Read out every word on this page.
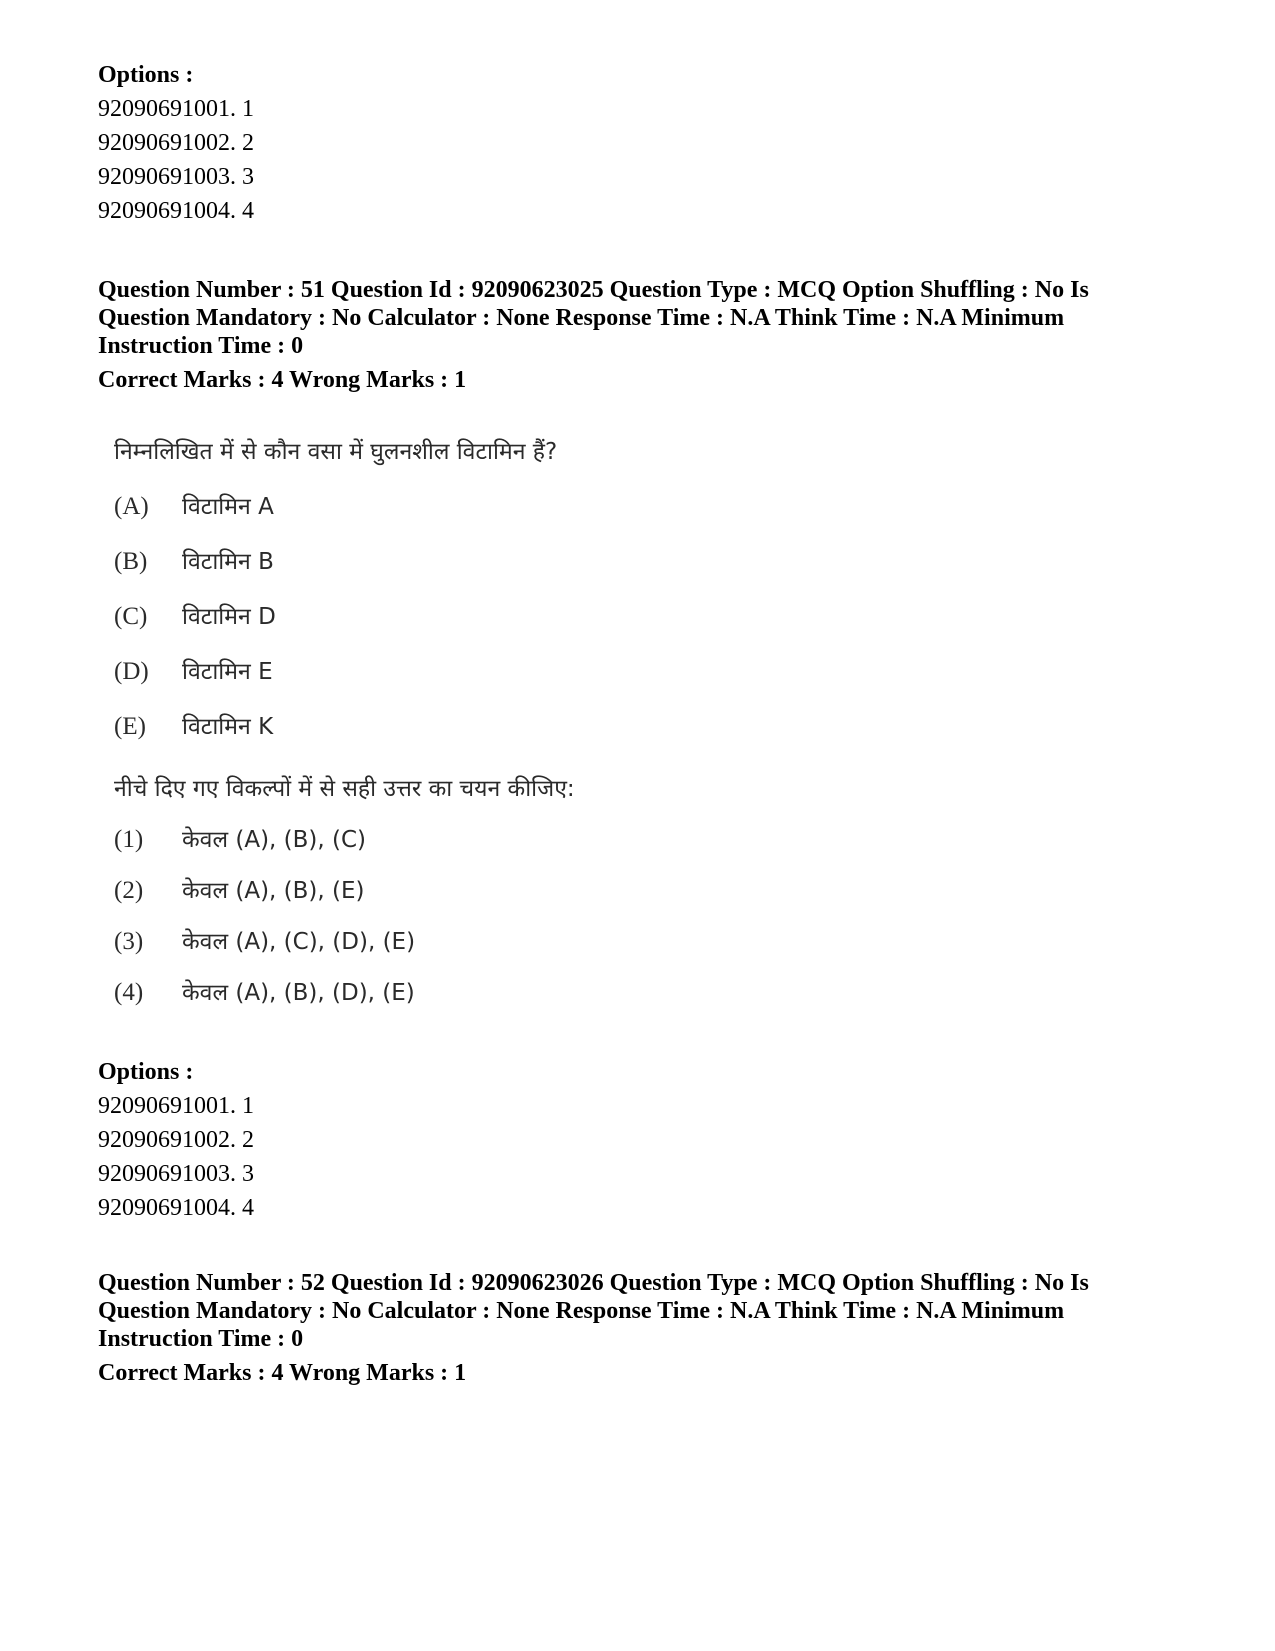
Options :
92090691001. 1
92090691002. 2
92090691003. 3
92090691004. 4
Question Number : 51 Question Id : 92090623025 Question Type : MCQ Option Shuffling : No Is
Question Mandatory : No Calculator : None Response Time : N.A Think Time : N.A Minimum
Instruction Time : 0
Correct Marks : 4 Wrong Marks : 1
निम्नलिखित में से कौन वसा में घुलनशील विटामिन हैं?
(A)	विटामिन A
(B)	विटामिन B
(C)	विटामिन D
(D)	विटामिन E
(E)	विटामिन K
नीचे दिए गए विकल्पों में से सही उत्तर का चयन कीजिए:
(1)	केवल (A), (B), (C)
(2)	केवल (A), (B), (E)
(3)	केवल (A), (C), (D), (E)
(4)	केवल (A), (B), (D), (E)
Options :
92090691001. 1
92090691002. 2
92090691003. 3
92090691004. 4
Question Number : 52 Question Id : 92090623026 Question Type : MCQ Option Shuffling : No Is
Question Mandatory : No Calculator : None Response Time : N.A Think Time : N.A Minimum
Instruction Time : 0
Correct Marks : 4 Wrong Marks : 1
